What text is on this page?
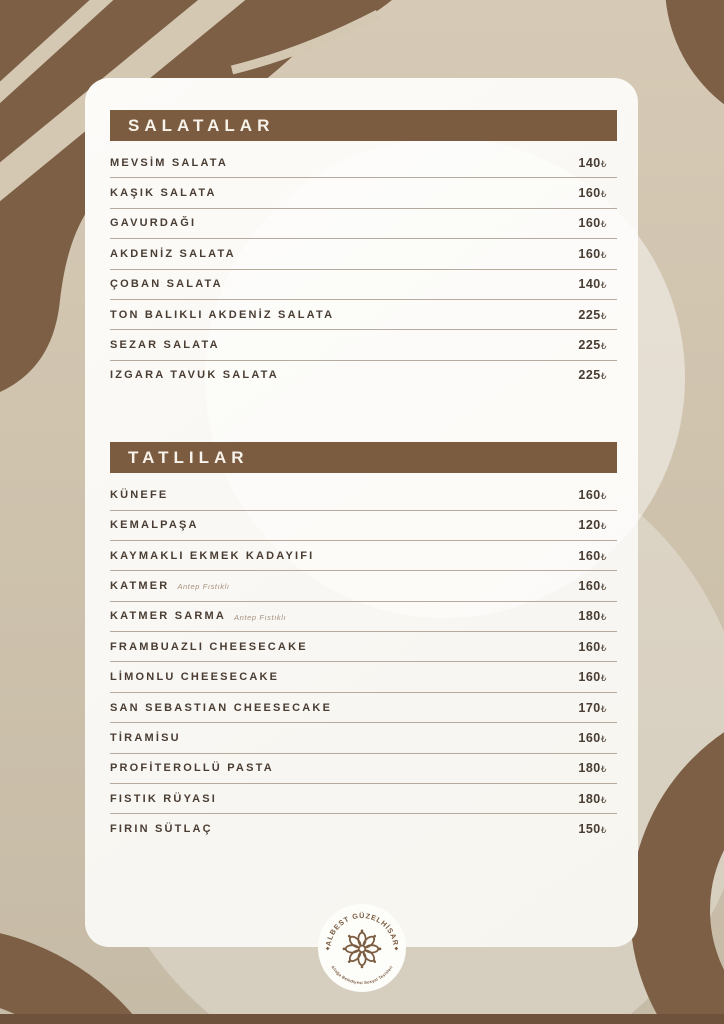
SALATALAR
MEVSİM SALATA	140₺
KAŞIK SALATA	160₺
GAVURDAĞI	160₺
AKDENİZ SALATA	160₺
ÇOBAN SALATA	140₺
TON BALIKLI AKDENİZ SALATA	225₺
SEZAR SALATA	225₺
IZGARA TAVUK SALATA	225₺
TATLILAR
KÜNEFE	160₺
KEMALPAŞA	120₺
KAYMAKLI EKMEK KADAYIFI	160₺
KATMER Antep Fıstıklı	160₺
KATMER SARMA Antep Fıstıklı	180₺
FRAMBUAZLI CHEESECAKE	160₺
LİMONLU CHEESECAKE	160₺
SAN SEBASTIAN CHEESECAKE	170₺
TİRAMİSU	160₺
PROFİTEROLLÜ PASTA	180₺
FISTIK RÜYASI	180₺
FIRIN SÜTLAÇ	150₺
ALBEST GÜZELHİSAR
Aliağa Belediyesi Sosyal Tesisleri
